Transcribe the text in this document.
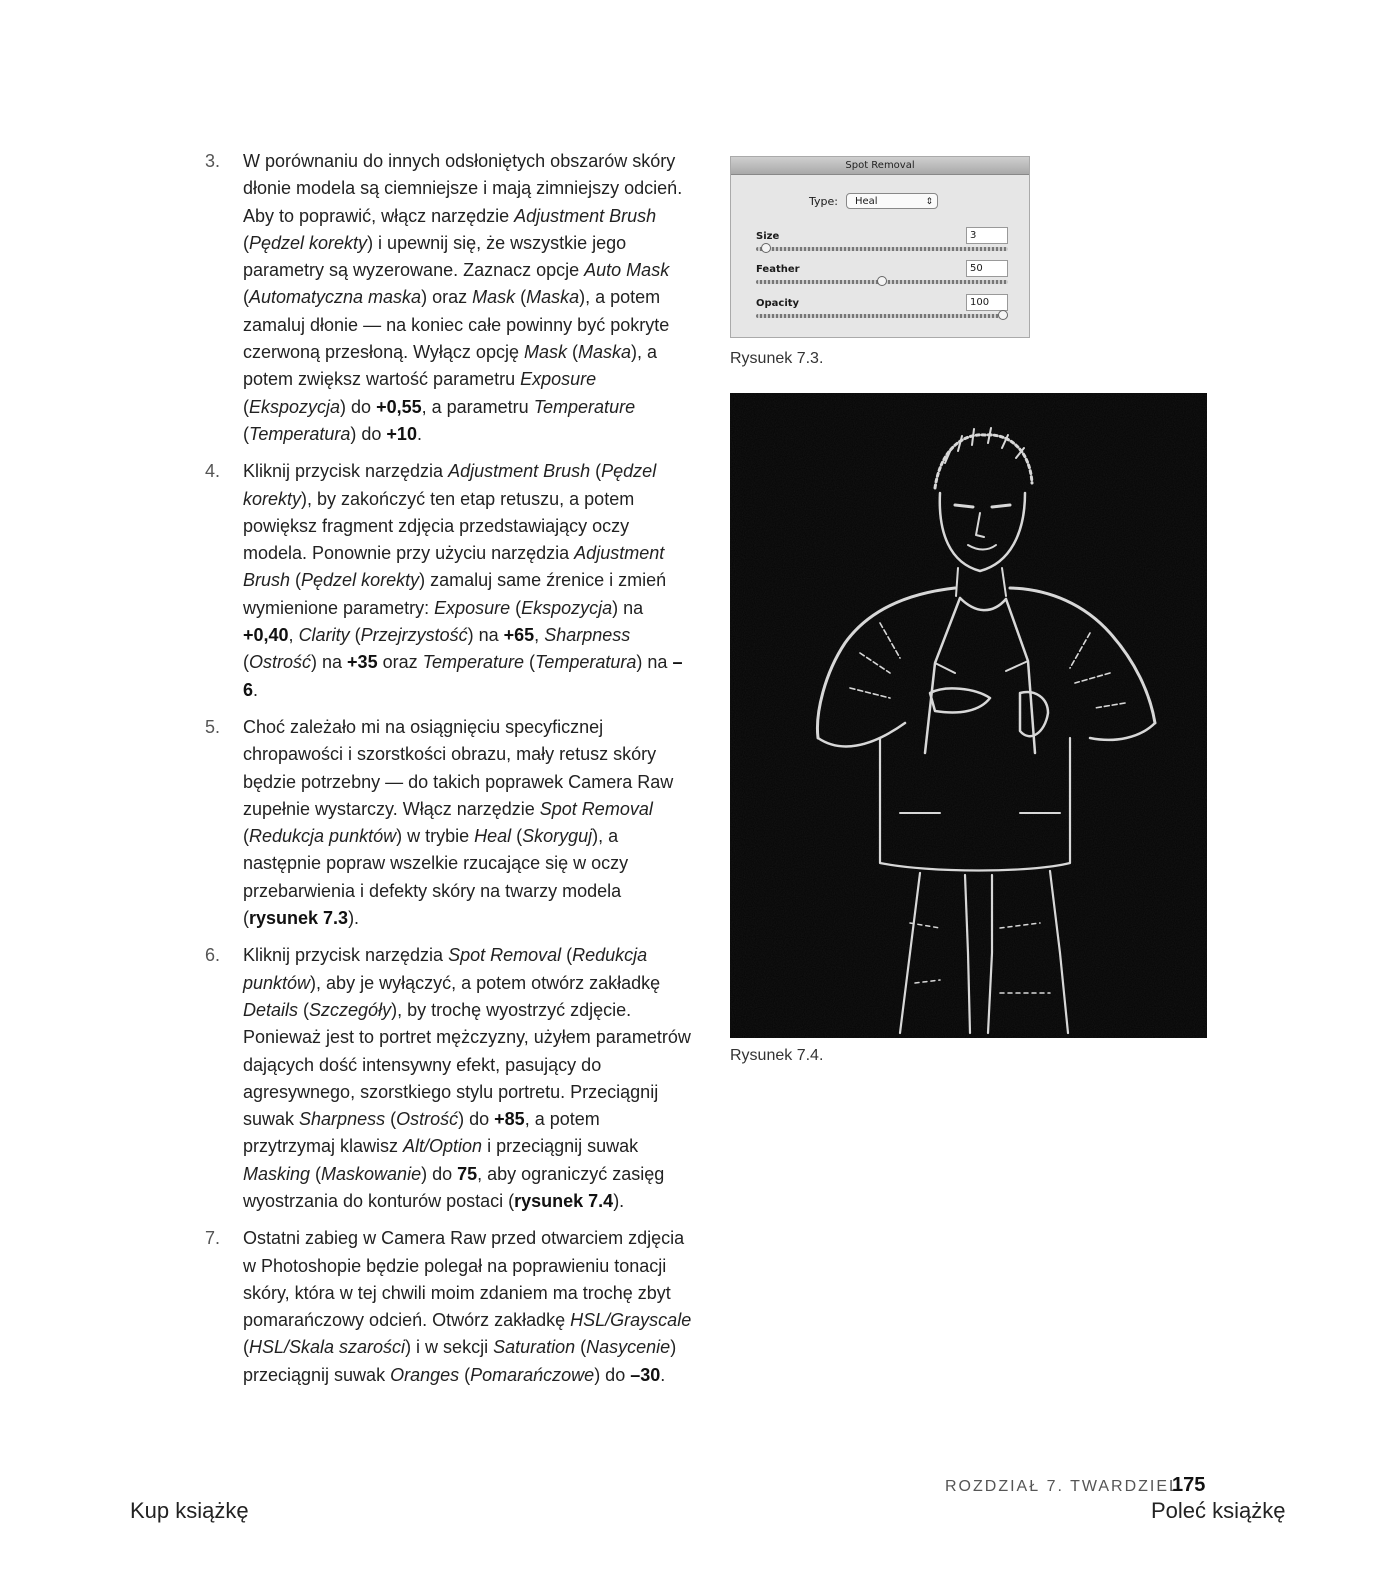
3.	W porównaniu do innych odsłoniętych obszarów skóry dłonie modela są ciemniejsze i mają zimniejszy odcień. Aby to poprawić, włącz narzędzie Adjustment Brush (Pędzel korekty) i upewnij się, że wszystkie jego parametry są wyzerowane. Zaznacz opcje Auto Mask (Automatyczna maska) oraz Mask (Maska), a potem zamaluj dłonie — na koniec całe powinny być pokryte czerwoną przesłoną. Wyłącz opcję Mask (Maska), a potem zwiększ wartość parametru Exposure (Ekspozycja) do +0,55, a parametru Temperature (Temperatura) do +10.
4.	Kliknij przycisk narzędzia Adjustment Brush (Pędzel korekty), by zakończyć ten etap retuszu, a potem powiększ fragment zdjęcia przedstawiający oczy modela. Ponownie przy użyciu narzędzia Adjustment Brush (Pędzel korekty) zamaluj same źrenice i zmień wymienione parametry: Exposure (Ekspozycja) na +0,40, Clarity (Przejrzystość) na +65, Sharpness (Ostrość) na +35 oraz Temperature (Temperatura) na –6.
5.	Choć zależało mi na osiągnięciu specyficznej chropawości i szorstkości obrazu, mały retusz skóry będzie potrzebny — do takich poprawek Camera Raw zupełnie wystarczy. Włącz narzędzie Spot Removal (Redukcja punktów) w trybie Heal (Skoryguj), a następnie popraw wszelkie rzucające się w oczy przebarwienia i defekty skóry na twarzy modela (rysunek 7.3).
6.	Kliknij przycisk narzędzia Spot Removal (Redukcja punktów), aby je wyłączyć, a potem otwórz zakładkę Details (Szczegóły), by trochę wyostrzyć zdjęcie. Ponieważ jest to portret mężczyzny, użyłem parametrów dających dość intensywny efekt, pasujący do agresywnego, szorstkiego stylu portretu. Przeciągnij suwak Sharpness (Ostrość) do +85, a potem przytrzymaj klawisz Alt/Option i przeciągnij suwak Masking (Maskowanie) do 75, aby ograniczyć zasięg wyostrzania do konturów postaci (rysunek 7.4).
7.	Ostatni zabieg w Camera Raw przed otwarciem zdjęcia w Photoshopie będzie polegał na poprawieniu tonacji skóry, która w tej chwili moim zdaniem ma trochę zbyt pomarańczowy odcień. Otwórz zakładkę HSL/Grayscale (HSL/Skala szarości) i w sekcji Saturation (Nasycenie) przeciągnij suwak Oranges (Pomarańczowe) do –30.
Spot Removal
Type:	Heal	⇕
Size	3
Feather	50
Opacity	100
Rysunek 7.3.
Rysunek 7.4.
ROZDZIAŁ 7. TWARDZIEL
175
Kup książkę	Poleć książkę
